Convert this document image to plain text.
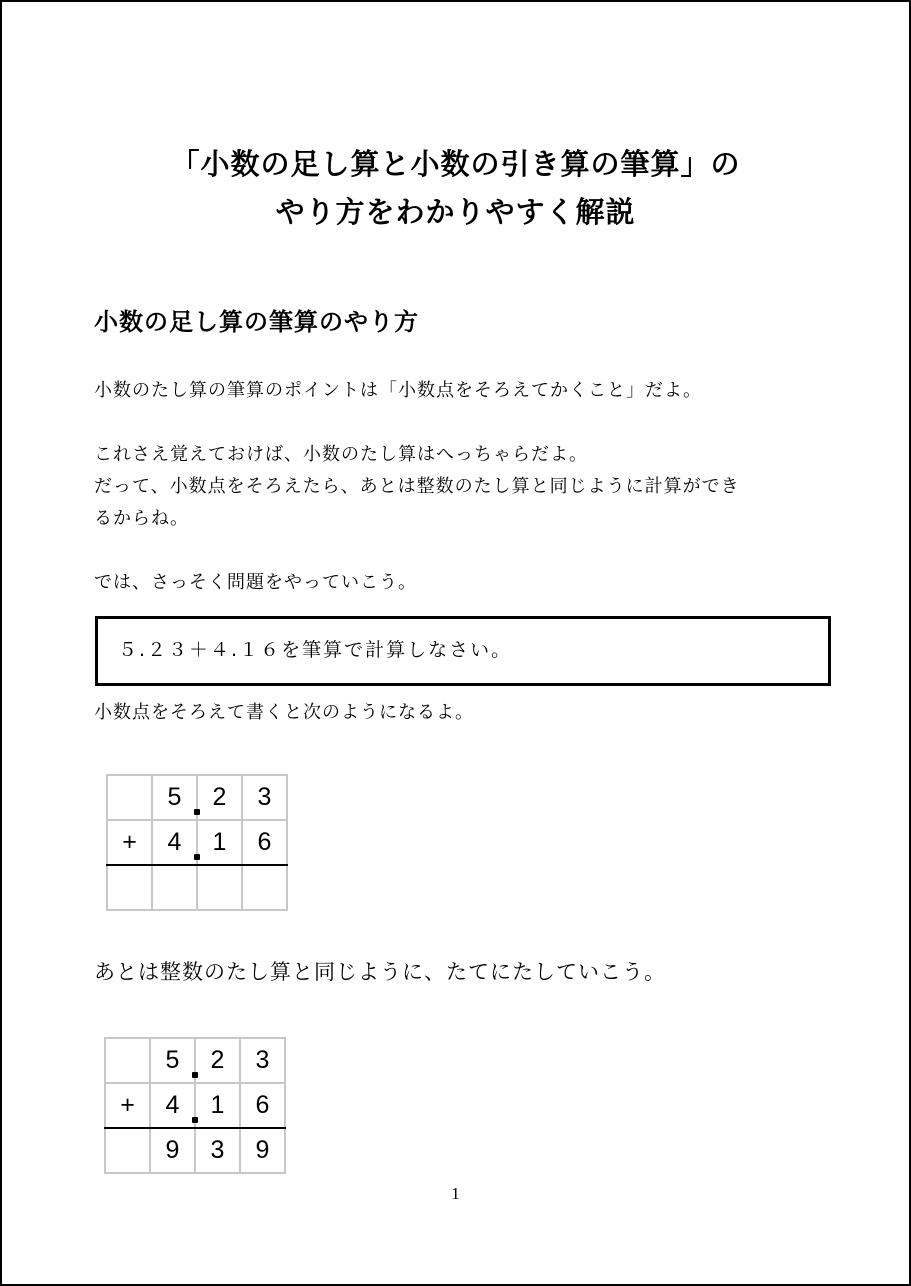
「小数の足し算と小数の引き算の筆算」の
やり方をわかりやすく解説
小数の足し算の筆算のやり方
小数のたし算の筆算のポイントは「小数点をそろえてかくこと」だよ。
これさえ覚えておけば、小数のたし算はへっちゃらだよ。
だって、小数点をそろえたら、あとは整数のたし算と同じように計算ができ
るからね。
では、さっそく問題をやっていこう。
５.２３＋４.１６を筆算で計算しなさい。
小数点をそろえて書くと次のようになるよ。
	5	2	3
+	4	1	6

あとは整数のたし算と同じように、たてにたしていこう。
	5	2	3
+	4	1	6
	9	3	9
1
